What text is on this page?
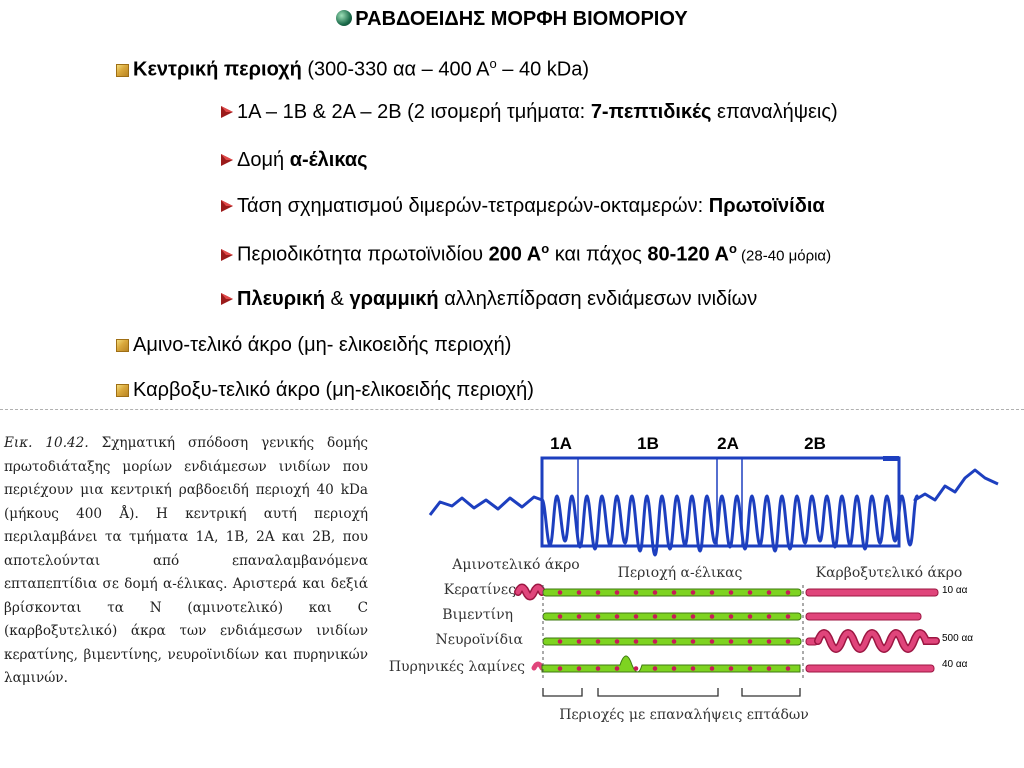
ΡΑΒΔΟΕΙΔΗΣ ΜΟΡΦΗ ΒΙΟΜΟΡΙΟΥ
Κεντρική περιοχή (300-330 αα – 400 $A^o - 40$ kDa)
1A – 1B & 2A – 2B (2 ισομερή τμήματα: 7-πεπτιδικές επαναλήψεις)
Δομή α-έλικας
Τάση σχηματισμού διμερών-τετραμερών-οκταμερών: Πρωτοϊνίδια
Περιοδικότητα πρωτοϊνιδίου 200 $A^o$ και πάχος 80-120 $A^o$ (28-40 μόρια)
Πλευρική & γραμμική αλληλεπίδραση ενδιάμεσων ινιδίων
Αμινο-τελικό άκρο (μη- ελικοειδής περιοχή)
Καρβοξυ-τελικό άκρο (μη-ελικοειδής περιοχή)
Εικ. 10.42. Σχηματική σπόδοση γενικής δομής πρωτοδιάταξης μορίων ενδιάμεσων ινιδίων που περιέχουν μια κεντρική ραβδοειδή περιοχή 40 kDa (μήκους 400 Å). Η κεντρική αυτή περιοχή περιλαμβάνει τα τμήματα 1A, 1B, 2A και 2B, που αποτελούνται από επαναλαμβανόμενα επταπεπτίδια σε δομή α-έλικας. Αριστερά και δεξιά βρίσκονται τα N (αμινοτελικό) και C (καρβοξυτελικό) άκρα των ενδιάμεσων ινιδίων κερατίνης, βιμεντίνης, νευροϊνιδίων και πυρηνικών λαμινών.
1A	1B	2A	2B
Αμινοτελικό άκρο	Περιοχή α-έλικας	Καρβοξυτελικό άκρο
Κερατίνες
Βιμεντίνη
Νευροϊνίδια
Πυρηνικές λαμίνες
10 αα
500 αα
40 αα
Περιοχές με επαναλήψεις επτάδων
